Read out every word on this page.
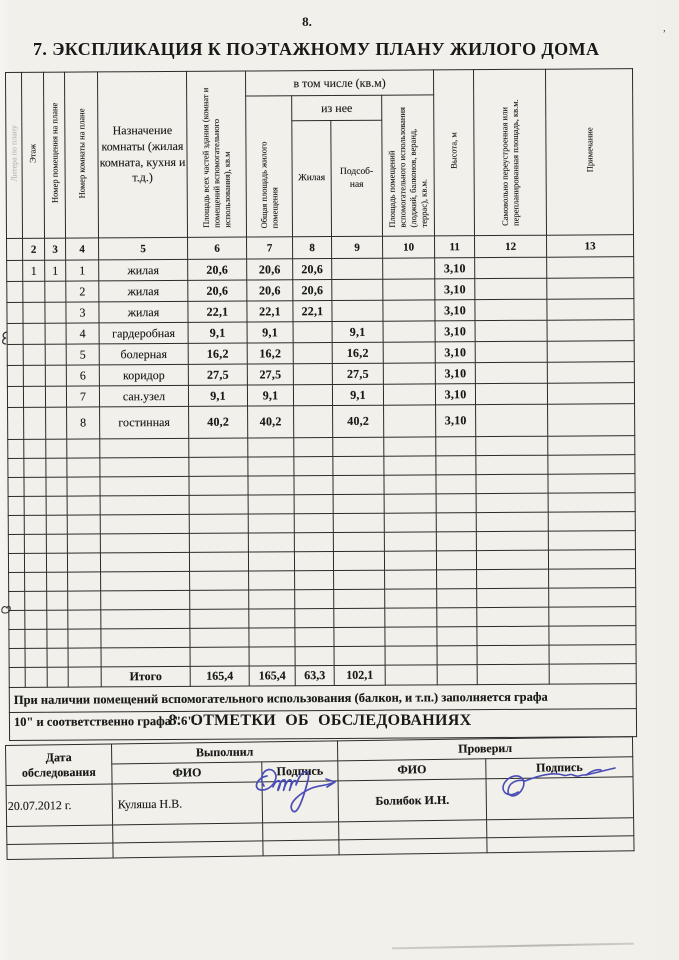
8.
7. ЭКСПЛИКАЦИЯ К ПОЭТАЖНОМУ ПЛАНУ ЖИЛОГО ДОМА
,
Литера по плану	Этаж	Номер помещения на плане	Номер комнаты на плане	Назначение комнаты (жилая комната, кухня и т.д.)	Площадь всех частей здания (комнат и помещений вспомогательного использования), кв.м	в том числе (кв.м)				Высота, м	Самовольно переустроенная или перепланированная площадь, кв.м.	Примечание
						Общая площадь жилого помещения	из нее		Площадь помещений вспомогательного использования (лоджий, балконов, веранд, террас), кв.м.			
							Жилая	Подсоб-
ная				
	2	3	4	5	6	7	8	9	10	11	12	13
	1	1	1	жилая	20,6	20,6	20,6			3,10		
			2	жилая	20,6	20,6	20,6			3,10		
			3	жилая	22,1	22,1	22,1			3,10		
			4	гардеробная	9,1	9,1		9,1		3,10		
			5	болерная	16,2	16,2		16,2		3,10		
			6	коридор	27,5	27,5		27,5		3,10		
			7	сан.узел	9,1	9,1		9,1		3,10		
			8	гостинная	40,2	40,2		40,2		3,10		

				Итого	165,4	165,4	63,3	102,1				
При наличии помещений вспомогательного использования (балкон, и т.п.) заполняется графа												
10" и соответственно графа "6".												
8. ОТМЕТКИ ОБ ОБСЛЕДОВАНИЯХ
Дата
обследования	Выполнил		Проверил	
	ФИО	Подпись	ФИО	Подпись
20.07.2012 г.	Куляша Н.В.		Болибок И.Н.	
